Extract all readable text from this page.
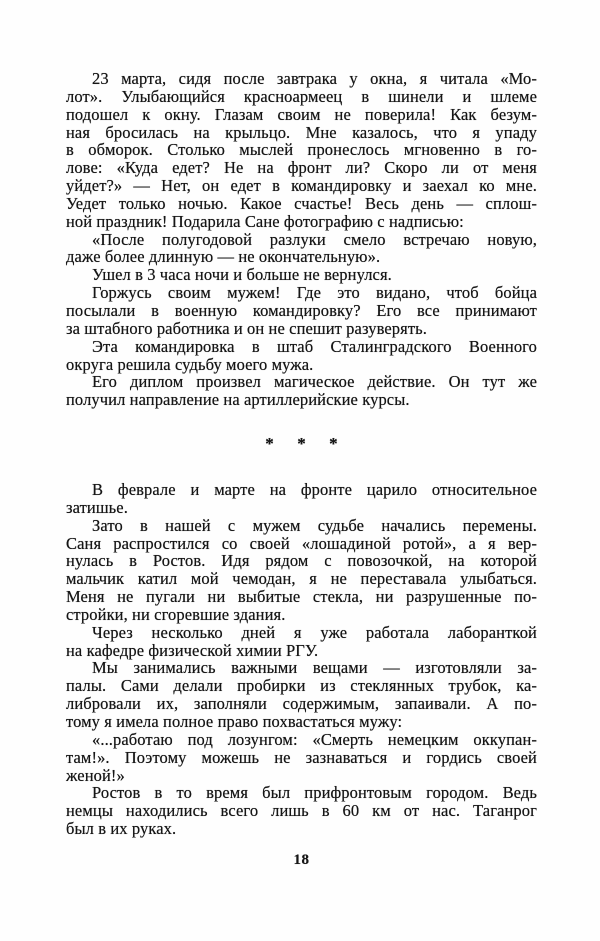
23 марта, сидя после завтрака у окна, я читала «Мо-
лот». Улыбающийся красноармеец в шинели и шлеме
подошел к окну. Глазам своим не поверила! Как безум-
ная бросилась на крыльцо. Мне казалось, что я упаду
в обморок. Столько мыслей пронеслось мгновенно в го-
лове: «Куда едет? Не на фронт ли? Скоро ли от меня
уйдет?» — Нет, он едет в командировку и заехал ко мне.
Уедет только ночью. Какое счастье! Весь день — сплош-
ной праздник! Подарила Сане фотографию с надписью:
«После полугодовой разлуки смело встречаю новую,
даже более длинную — не окончательную».
Ушел в 3 часа ночи и больше не вернулся.
Горжусь своим мужем! Где это видано, чтоб бойца
посылали в военную командировку? Его все принимают
за штабного работника и он не спешит разуверять.
Эта командировка в штаб Сталинградского Военного
округа решила судьбу моего мужа.
Его диплом произвел магическое действие. Он тут же
получил направление на артиллерийские курсы.
* * *
В феврале и марте на фронте царило относительное
затишье.
Зато в нашей с мужем судьбе начались перемены.
Саня распростился со своей «лошадиной ротой», а я вер-
нулась в Ростов. Идя рядом с повозочкой, на которой
мальчик катил мой чемодан, я не переставала улыбаться.
Меня не пугали ни выбитые стекла, ни разрушенные по-
стройки, ни сгоревшие здания.
Через несколько дней я уже работала лаборанткой
на кафедре физической химии РГУ.
Мы занимались важными вещами — изготовляли за-
палы. Сами делали пробирки из стеклянных трубок, ка-
либровали их, заполняли содержимым, запаивали. А по-
тому я имела полное право похвастаться мужу:
«...работаю под лозунгом: «Смерть немецким оккупан-
там!». Поэтому можешь не зазнаваться и гордись своей
женой!»
Ростов в то время был прифронтовым городом. Ведь
немцы находились всего лишь в 60 км от нас. Таганрог
был в их руках.
18
